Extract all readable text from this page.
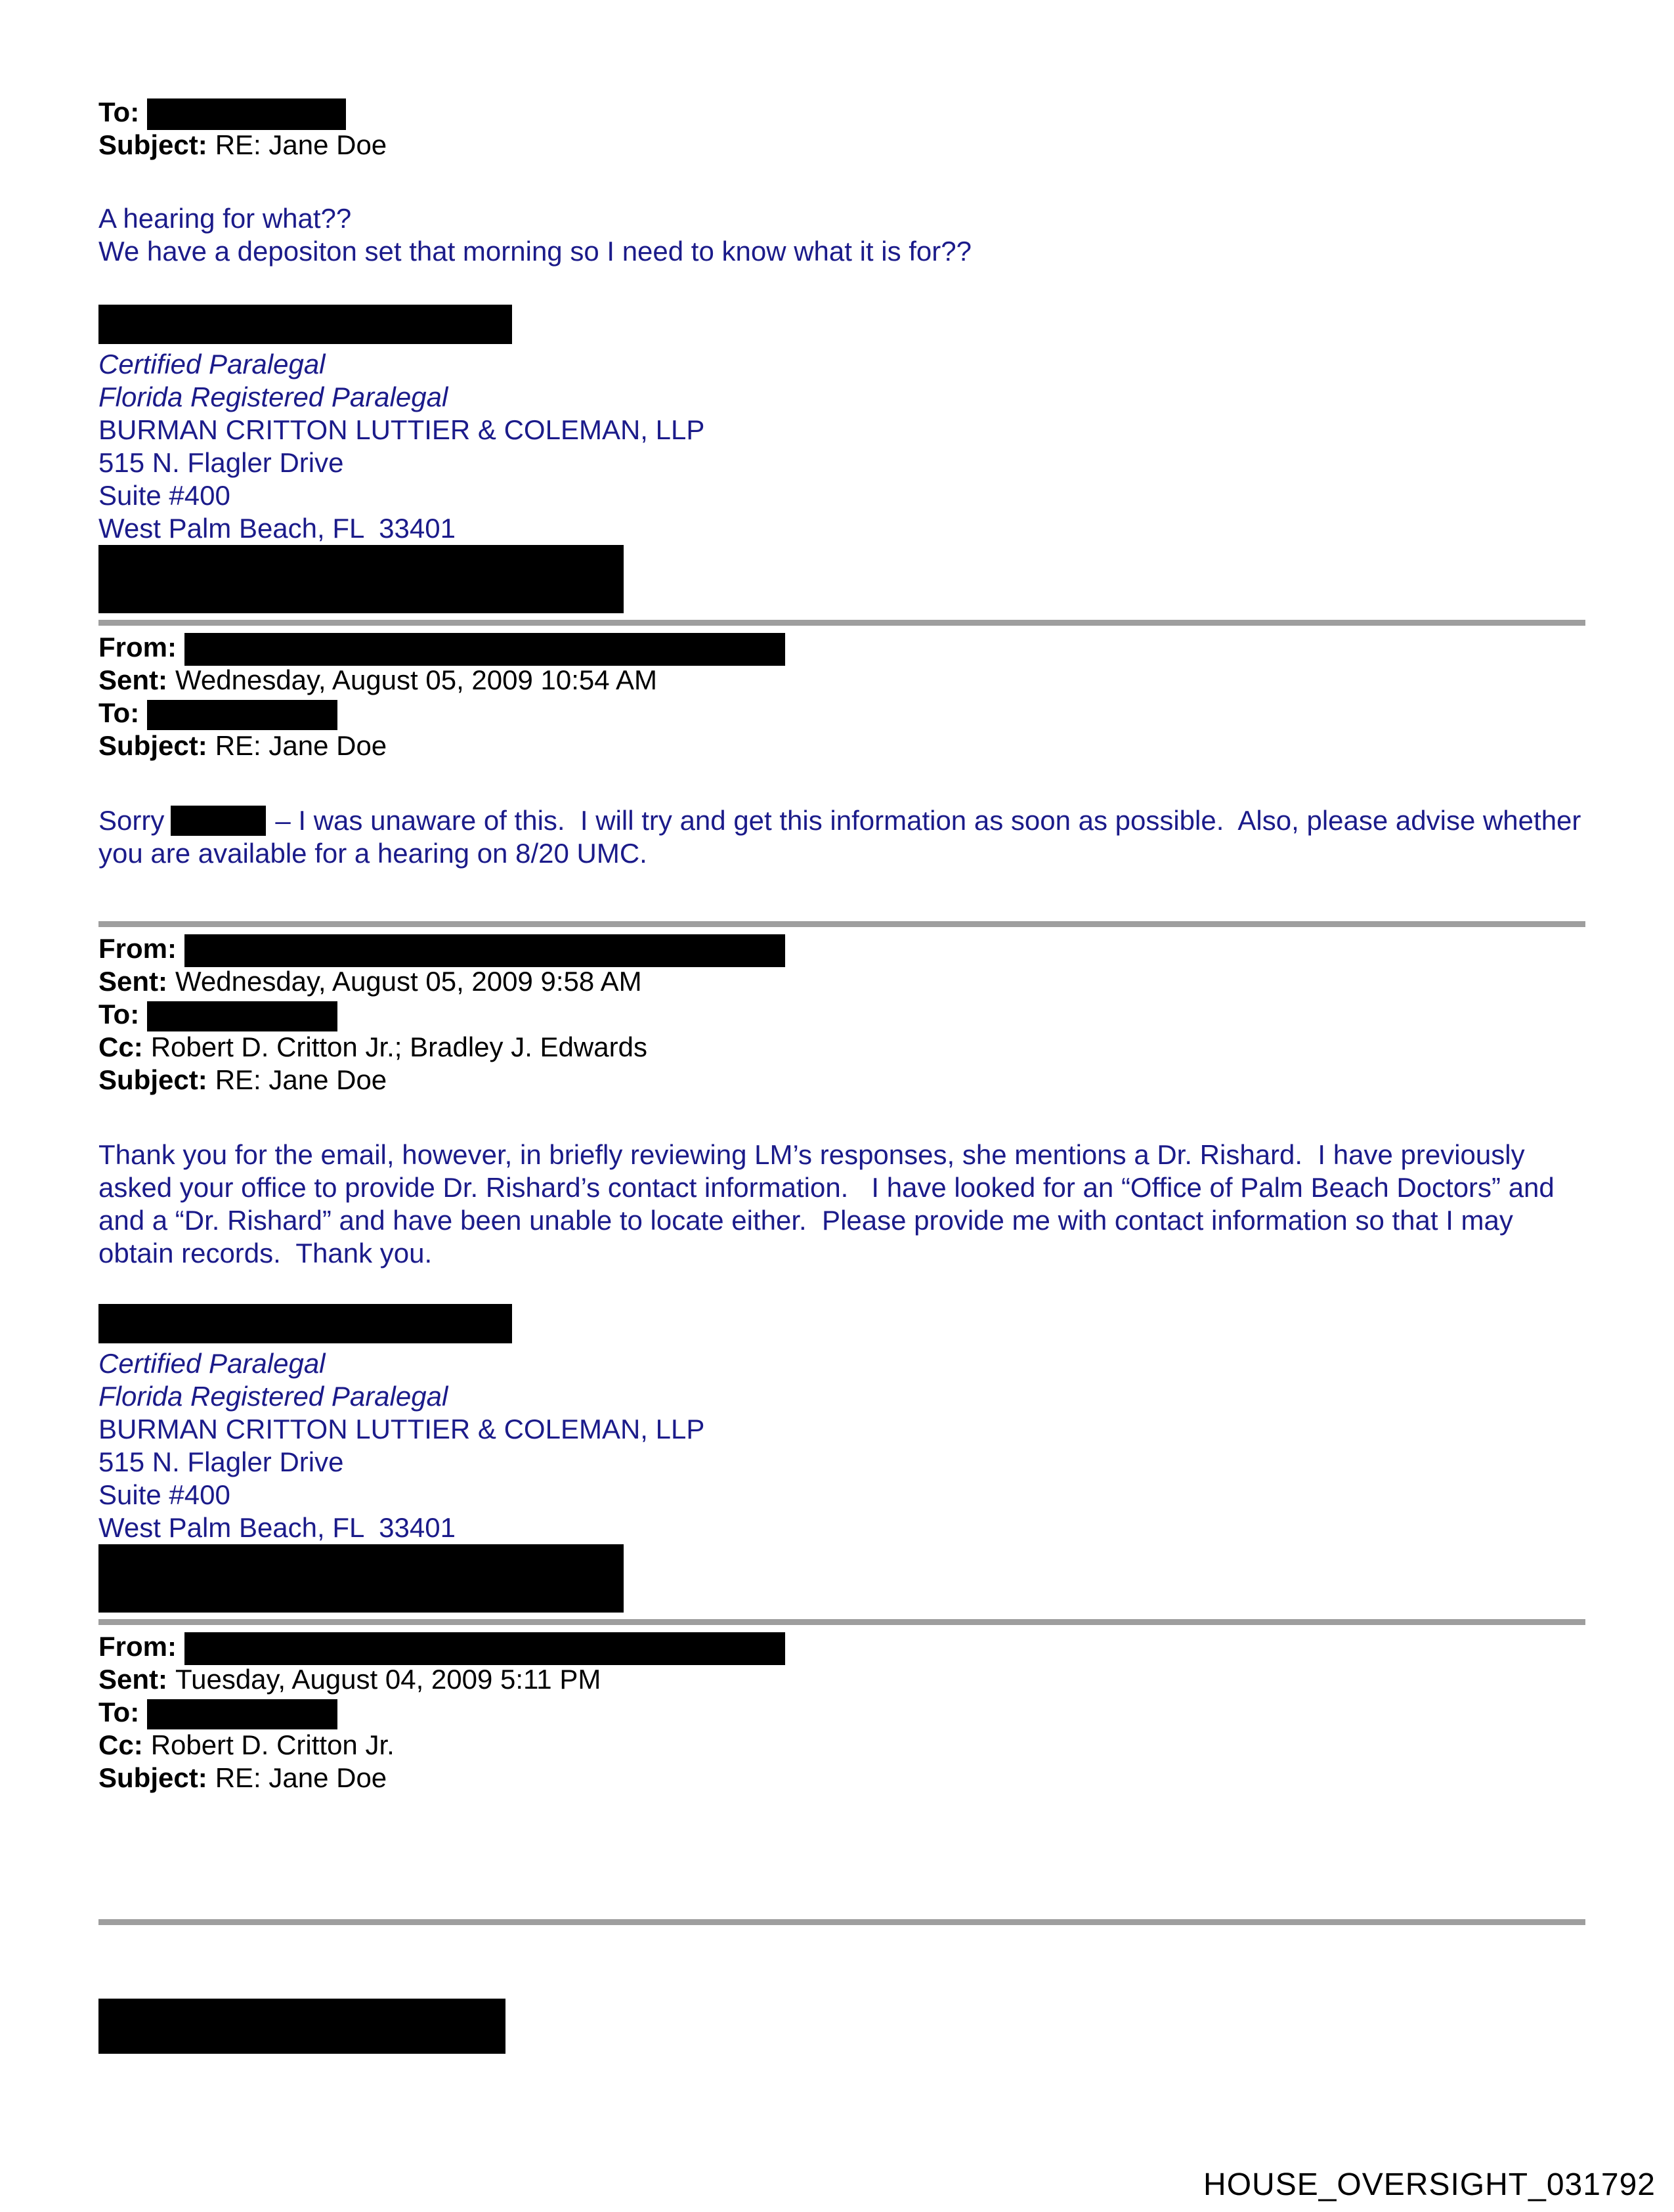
To:
Subject: RE: Jane Doe
A hearing for what??
We have a depositon set that morning so I need to know what it is for??
Certified Paralegal
Florida Registered Paralegal
BURMAN CRITTON LUTTIER & COLEMAN, LLP
515 N. Flagler Drive
Suite #400
West Palm Beach, FL  33401
From:
Sent: Wednesday, August 05, 2009 10:54 AM
To:
Subject: RE: Jane Doe
Sorry	– I was unaware of this.  I will try and get this information as soon as possible.  Also, please advise whether
you are available for a hearing on 8/20 UMC.
From:
Sent: Wednesday, August 05, 2009 9:58 AM
To:
Cc: Robert D. Critton Jr.; Bradley J. Edwards
Subject: RE: Jane Doe
Thank you for the email, however, in briefly reviewing LM’s responses, she mentions a Dr. Rishard.  I have previously
asked your office to provide Dr. Rishard’s contact information.   I have looked for an “Office of Palm Beach Doctors” and
and a “Dr. Rishard” and have been unable to locate either.  Please provide me with contact information so that I may
obtain records.  Thank you.
Certified Paralegal
Florida Registered Paralegal
BURMAN CRITTON LUTTIER & COLEMAN, LLP
515 N. Flagler Drive
Suite #400
West Palm Beach, FL  33401
From:
Sent: Tuesday, August 04, 2009 5:11 PM
To:
Cc: Robert D. Critton Jr.
Subject: RE: Jane Doe
HOUSE_OVERSIGHT_031792
